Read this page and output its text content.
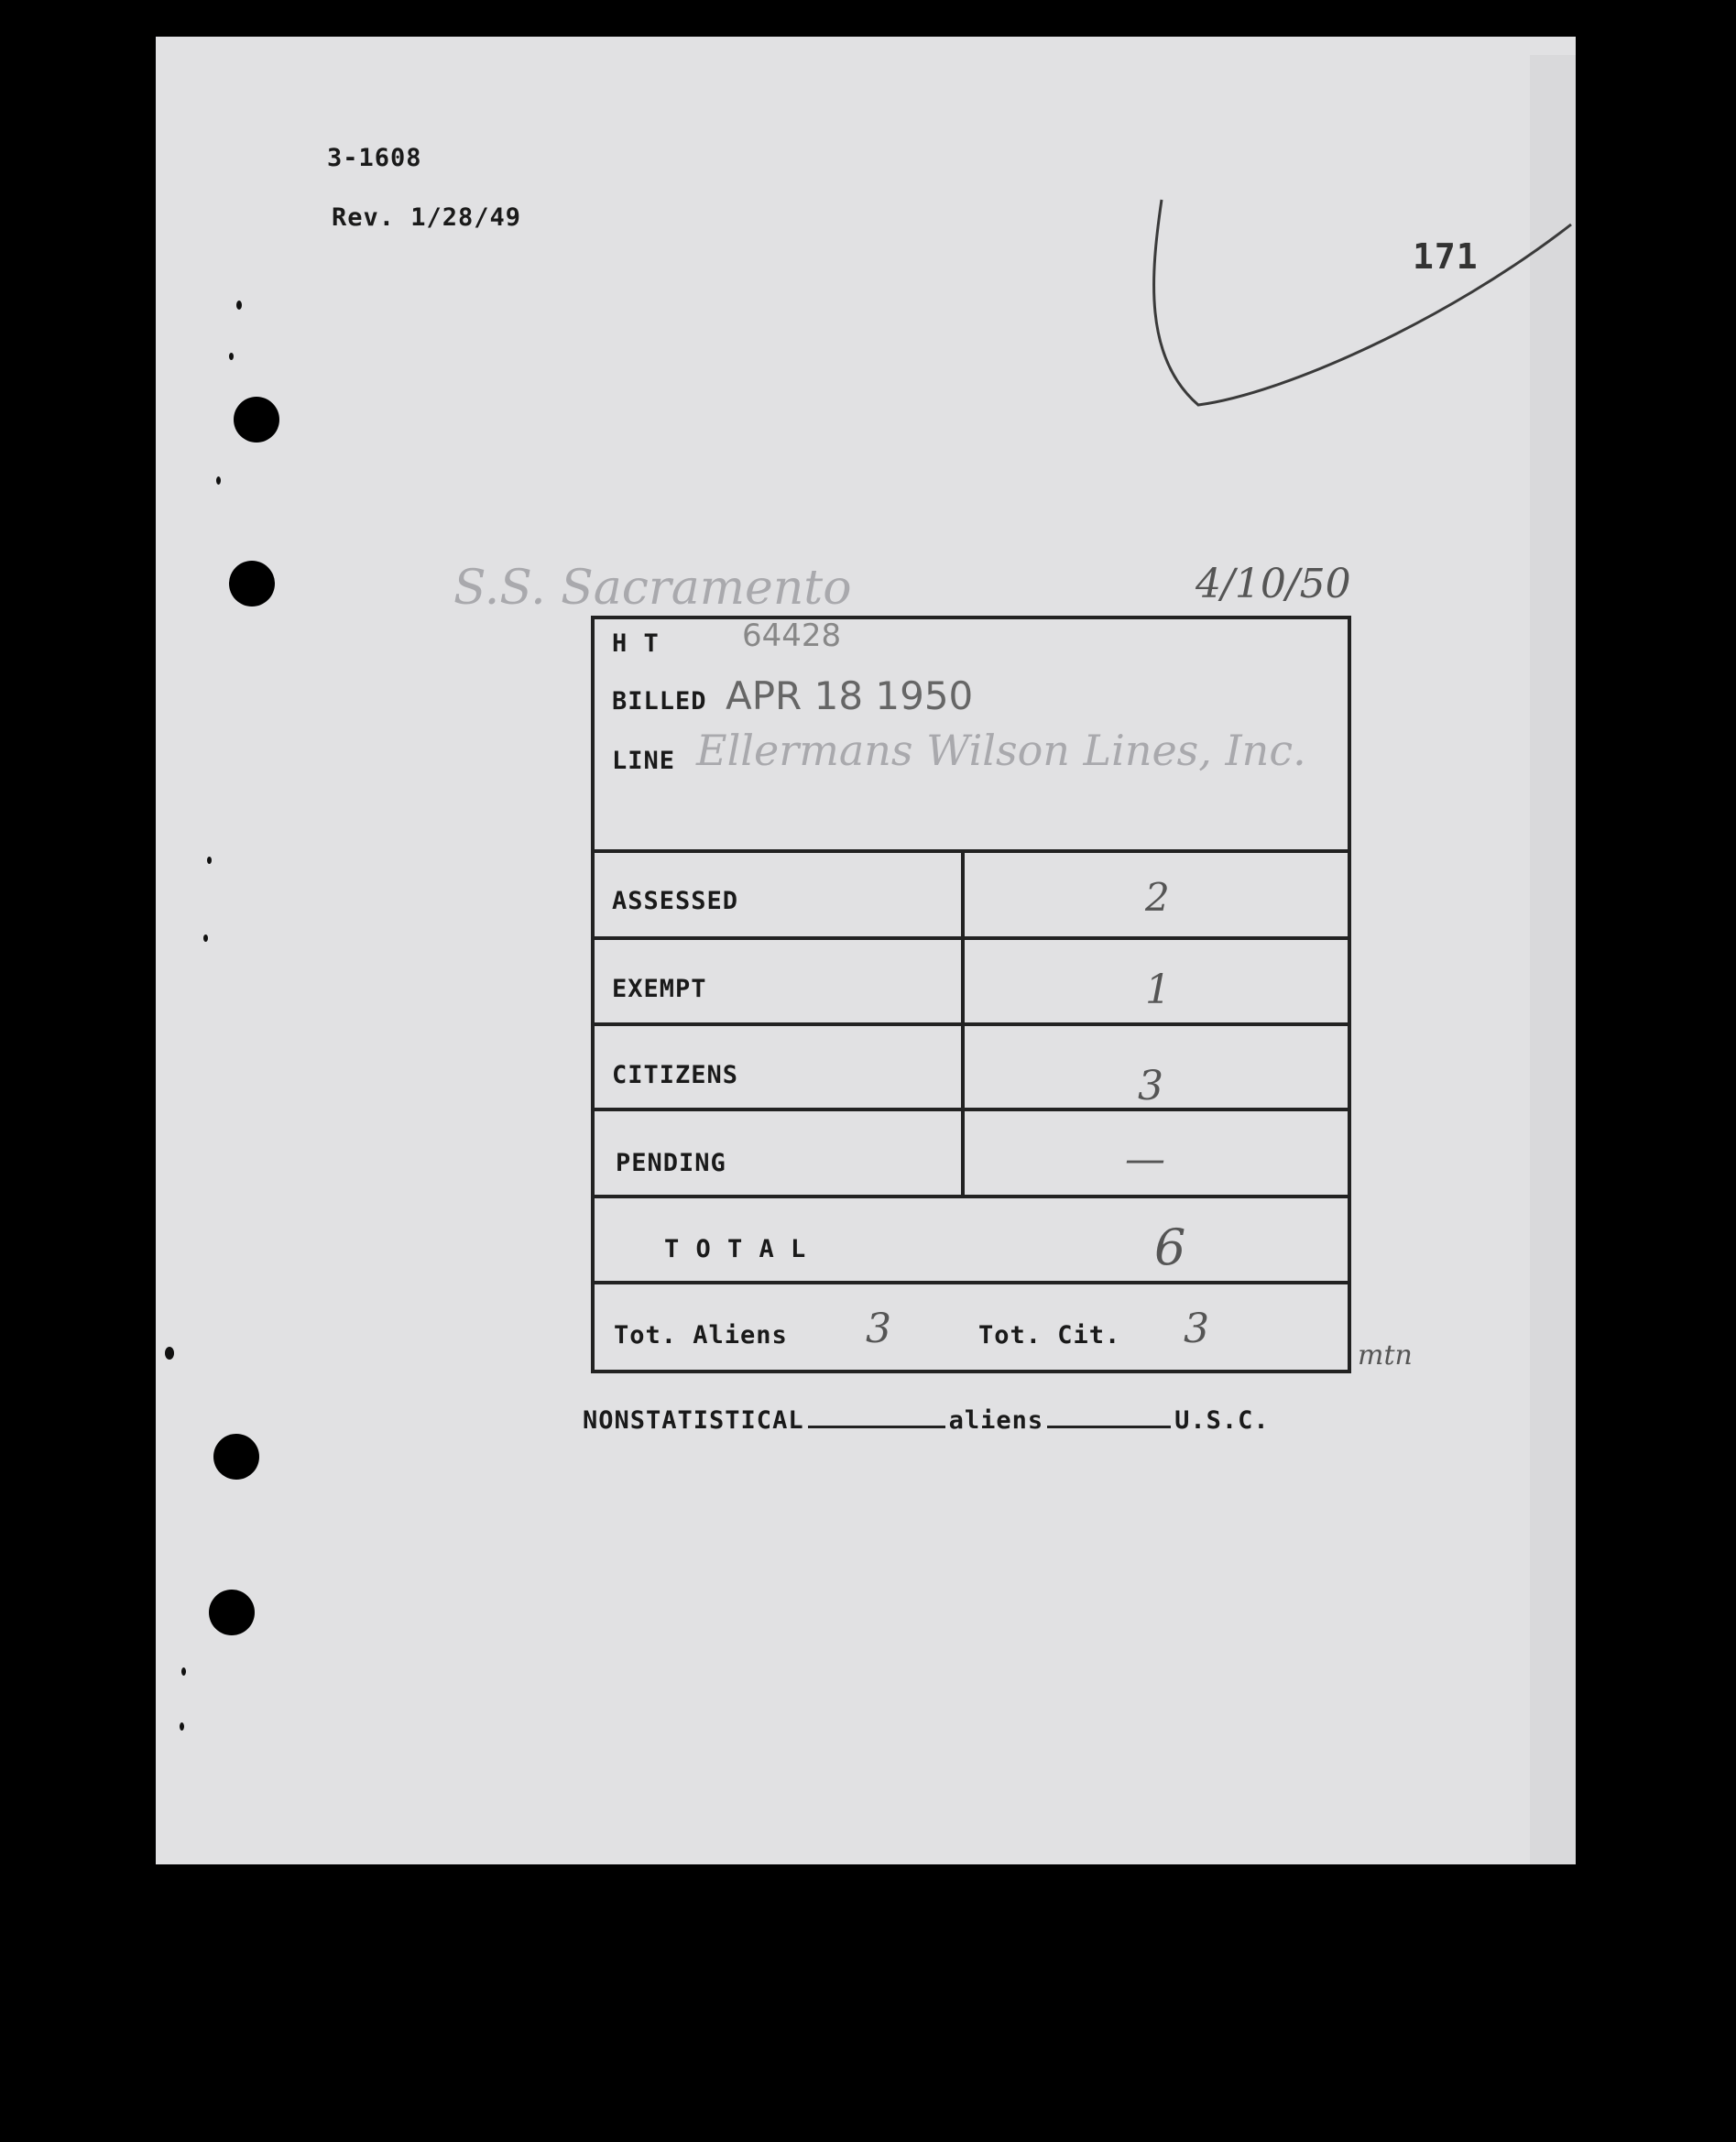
3-1608
Rev. 1/28/49
171
S.S. Sacramento	4/10/50
H T	64428
BILLED APR 18 1950
LINE Ellermans Wilson Lines, Inc.
ASSESSED	2
EXEMPT	1
CITIZENS	3
PENDING	—
T O T A L	6
Tot. Aliens 3	Tot. Cit. 3
mtn
NONSTATISTICAL	aliens	U.S.C.
